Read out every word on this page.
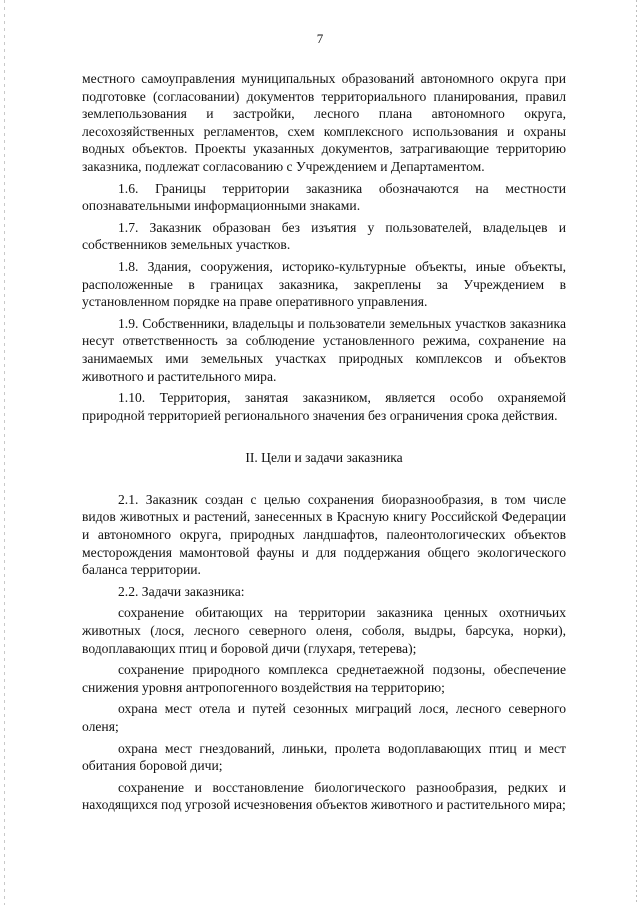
7

местного самоуправления муниципальных образований автономного округа при подготовке (согласовании) документов территориального планирования, правил землепользования и застройки, лесного плана автономного округа, лесохозяйственных регламентов, схем комплексного использования и охраны водных объектов. Проекты указанных документов, затрагивающие территорию заказника, подлежат согласованию с Учреждением и Департаментом.

1.6. Границы территории заказника обозначаются на местности опознавательными информационными знаками.

1.7. Заказник образован без изъятия у пользователей, владельцев и собственников земельных участков.

1.8. Здания, сооружения, историко-культурные объекты, иные объекты, расположенные в границах заказника, закреплены за Учреждением в установленном порядке на праве оперативного управления.

1.9. Собственники, владельцы и пользователи земельных участков заказника несут ответственность за соблюдение установленного режима, сохранение на занимаемых ими земельных участках природных комплексов и объектов животного и растительного мира.

1.10. Территория, занятая заказником, является особо охраняемой природной территорией регионального значения без ограничения срока действия.

II. Цели и задачи заказника

2.1. Заказник создан с целью сохранения биоразнообразия, в том числе видов животных и растений, занесенных в Красную книгу Российской Федерации и автономного округа, природных ландшафтов, палеонтологических объектов месторождения мамонтовой фауны и для поддержания общего экологического баланса территории.

2.2. Задачи заказника:

сохранение обитающих на территории заказника ценных охотничьих животных (лося, лесного северного оленя, соболя, выдры, барсука, норки), водоплавающих птиц и боровой дичи (глухаря, тетерева);

сохранение природного комплекса среднетаежной подзоны, обеспечение снижения уровня антропогенного воздействия на территорию;

охрана мест отела и путей сезонных миграций лося, лесного северного оленя;

охрана мест гнездований, линьки, пролета водоплавающих птиц и мест обитания боровой дичи;

сохранение и восстановление биологического разнообразия, редких и находящихся под угрозой исчезновения объектов животного и растительного мира;
